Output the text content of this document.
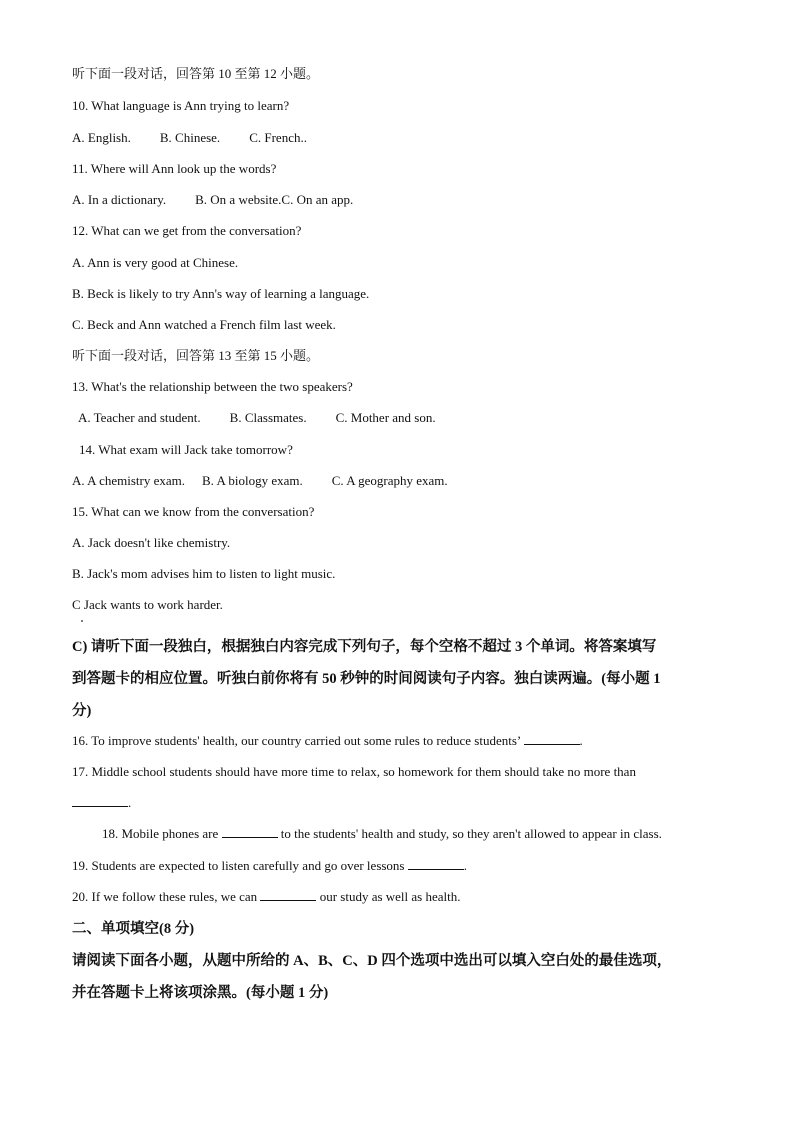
听下面一段对话，回答第 10 至第 12 小题。
10. What language is Ann trying to learn?
A. English. B. Chinese. C. French..
11. Where will Ann look up the words?
A. In a dictionary. B. On a website.C. On an app.
12. What can we get from the conversation?
A. Ann is very good at Chinese.
B. Beck is likely to try Ann's way of learning a language.
C. Beck and Ann watched a French film last week.
听下面一段对话，回答第 13 至第 15 小题。
13. What's the relationship between the two speakers?
A. Teacher and student. B. Classmates. C. Mother and son.
14. What exam will Jack take tomorrow?
A. A chemistry exam. B. A biology exam. C. A geography exam.
15. What can we know from the conversation?
A. Jack doesn't like chemistry.
B. Jack's mom advises him to listen to light music.
C Jack wants to work harder.
C) 请听下面一段独白，根据独白内容完成下列句子，每个空格不超过 3 个单词。将答案填写
到答题卡的相应位置。听独白前你将有 50 秒钟的时间阅读句子内容。独白读两遍。(每小题 1
分)
16. To improve students' health, our country carried out some rules to reduce students’	.
17. Middle school students should have more time to relax, so homework for them should take no more than
.
18. Mobile phones are	to the students' health and study, so they aren't allowed to appear in class.
19. Students are expected to listen carefully and go over lessons	.
20. If we follow these rules, we can	our study as well as health.
二、单项填空(8 分)
请阅读下面各小题，从题中所给的 A、B、C、D 四个选项中选出可以填入空白处的最佳选项，
并在答题卡上将该项涂黑。(每小题 1 分)
